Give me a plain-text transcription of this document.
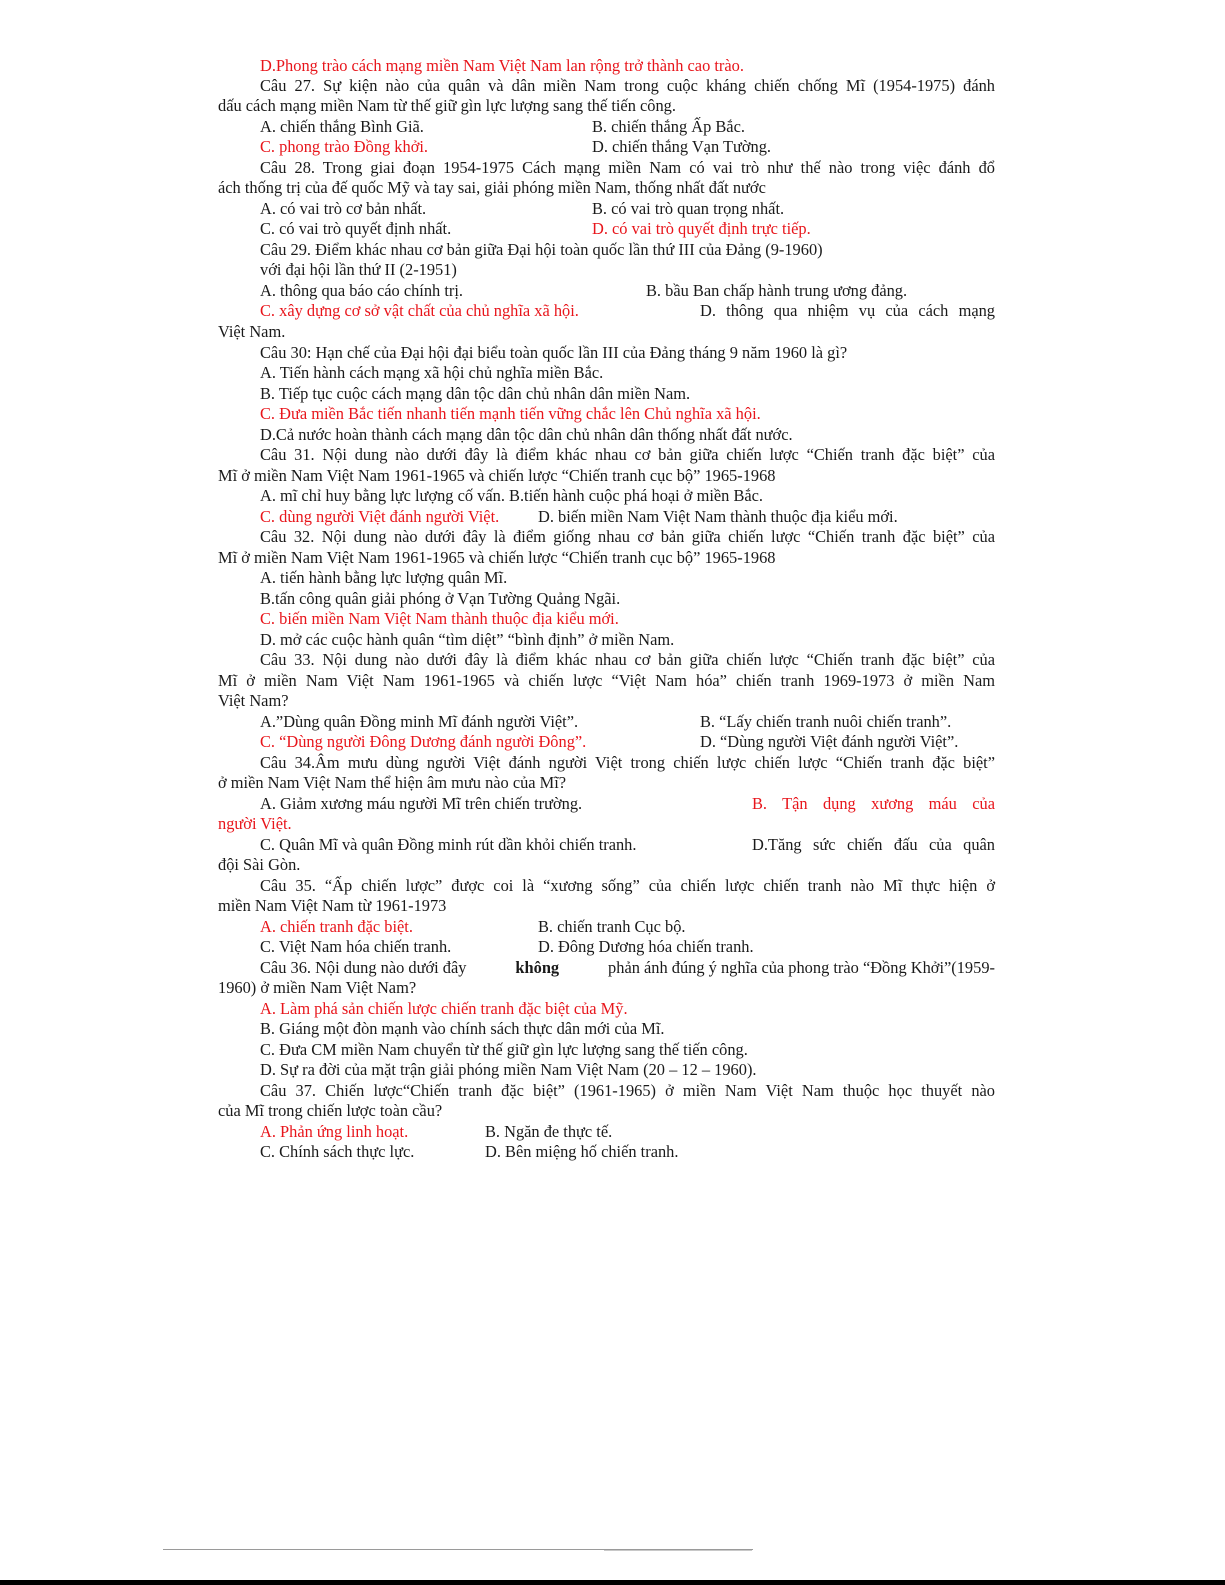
D.Phong trào cách mạng miền Nam Việt Nam lan rộng trở thành cao trào.
Câu 27. Sự kiện nào của quân và dân miền Nam trong cuộc kháng chiến chống Mĩ (1954-1975) đánh
dấu cách mạng miền Nam từ thế giữ gìn lực lượng sang thế tiến công.
A. chiến thắng Bình Giã.	B. chiến thắng Ấp Bắc.
C. phong trào Đồng khởi.	D. chiến thắng Vạn Tường.
Câu 28. Trong giai đoạn 1954-1975 Cách mạng miền Nam có vai trò như thế nào trong việc đánh đổ
ách thống trị của đế quốc Mỹ và tay sai, giải phóng miền Nam, thống nhất đất nước
A. có vai trò cơ bản nhất.	B. có vai trò quan trọng nhất.
C. có vai trò quyết định nhất.	D. có vai trò quyết định trực tiếp.
Câu 29. Điểm khác nhau cơ bản giữa Đại hội toàn quốc lần thứ III của Đảng (9-1960)
với đại hội lần thứ II (2-1951)
A. thông qua báo cáo chính trị.	B. bầu Ban chấp hành trung ương đảng.
C. xây dựng cơ sở vật chất của chủ nghĩa xã hội.	D. thông qua nhiệm vụ của cách mạng
Việt Nam.
Câu 30: Hạn chế của Đại hội đại biểu toàn quốc lần III của Đảng tháng 9 năm 1960 là gì?
A. Tiến hành cách mạng xã hội chủ nghĩa miền Bắc.
B. Tiếp tục cuộc cách mạng dân tộc dân chủ nhân dân miền Nam.
C. Đưa miền Bắc tiến nhanh tiến mạnh tiến vững chắc lên Chủ nghĩa xã hội.
D.Cả nước hoàn thành cách mạng dân tộc dân chủ nhân dân thống nhất đất nước.
Câu 31. Nội dung nào dưới đây là điểm khác nhau cơ bản giữa chiến lược “Chiến tranh đặc biệt” của
Mĩ ở miền Nam Việt Nam 1961-1965 và chiến lược “Chiến tranh cục bộ” 1965-1968
A. mĩ chỉ huy bằng lực lượng cố vấn. B.tiến hành cuộc phá hoại ở miền Bắc.
C. dùng người Việt đánh người Việt. D. biến miền Nam Việt Nam thành thuộc địa kiểu mới.
Câu 32. Nội dung nào dưới đây là điểm giống nhau cơ bản giữa chiến lược “Chiến tranh đặc biệt” của
Mĩ ở miền Nam Việt Nam 1961-1965 và chiến lược “Chiến tranh cục bộ” 1965-1968
A. tiến hành bằng lực lượng quân Mĩ.
B.tấn công quân giải phóng ở Vạn Tường Quảng Ngãi.
C. biến miền Nam Việt Nam thành thuộc địa kiểu mới.
D. mở các cuộc hành quân “tìm diệt” “bình định” ở miền Nam.
Câu 33. Nội dung nào dưới đây là điểm khác nhau cơ bản giữa chiến lược “Chiến tranh đặc biệt” của
Mĩ ở miền Nam Việt Nam 1961-1965 và chiến lược “Việt Nam hóa” chiến tranh 1969-1973 ở miền Nam
Việt Nam?
A.”Dùng quân Đồng minh Mĩ đánh người Việt”.	B. “Lấy chiến tranh nuôi chiến tranh”.
C. “Dùng người Đông Dương đánh người Đông”.	D. “Dùng người Việt đánh người Việt”.
Câu 34.Âm mưu dùng người Việt đánh người Việt trong chiến lược chiến lược “Chiến tranh đặc biệt”
ở miền Nam Việt Nam thể hiện âm mưu nào của Mĩ?
A. Giảm xương máu người Mĩ trên chiến trường.	B. Tận dụng xương máu của
người Việt.
C. Quân Mĩ và quân Đồng minh rút dần khỏi chiến tranh.	D.Tăng sức chiến đấu của quân
đội Sài Gòn.
Câu 35. “Ấp chiến lược” được coi là “xương sống” của chiến lược chiến tranh nào Mĩ thực hiện ở
miền Nam Việt Nam từ 1961-1973
A. chiến tranh đặc biệt.	B. chiến tranh Cục bộ.
C. Việt Nam hóa chiến tranh.	D. Đông Dương hóa chiến tranh.
Câu 36. Nội dung nào dưới đây	không	phản ánh đúng ý nghĩa của phong trào “Đồng Khởi”(1959-
1960) ở miền Nam Việt Nam?
A. Làm phá sản chiến lược chiến tranh đặc biệt của Mỹ.
B. Giáng một đòn mạnh vào chính sách thực dân mới của Mĩ.
C. Đưa CM miền Nam chuyển từ thế giữ gìn lực lượng sang thế tiến công.
D. Sự ra đời của mặt trận giải phóng miền Nam Việt Nam (20 – 12 – 1960).
Câu 37. Chiến lược“Chiến tranh đặc biệt” (1961-1965) ở miền Nam Việt Nam thuộc học thuyết nào
của Mĩ trong chiến lược toàn cầu?
A. Phản ứng linh hoạt.	B. Ngăn đe thực tế.
C. Chính sách thực lực.	D. Bên miệng hố chiến tranh.
